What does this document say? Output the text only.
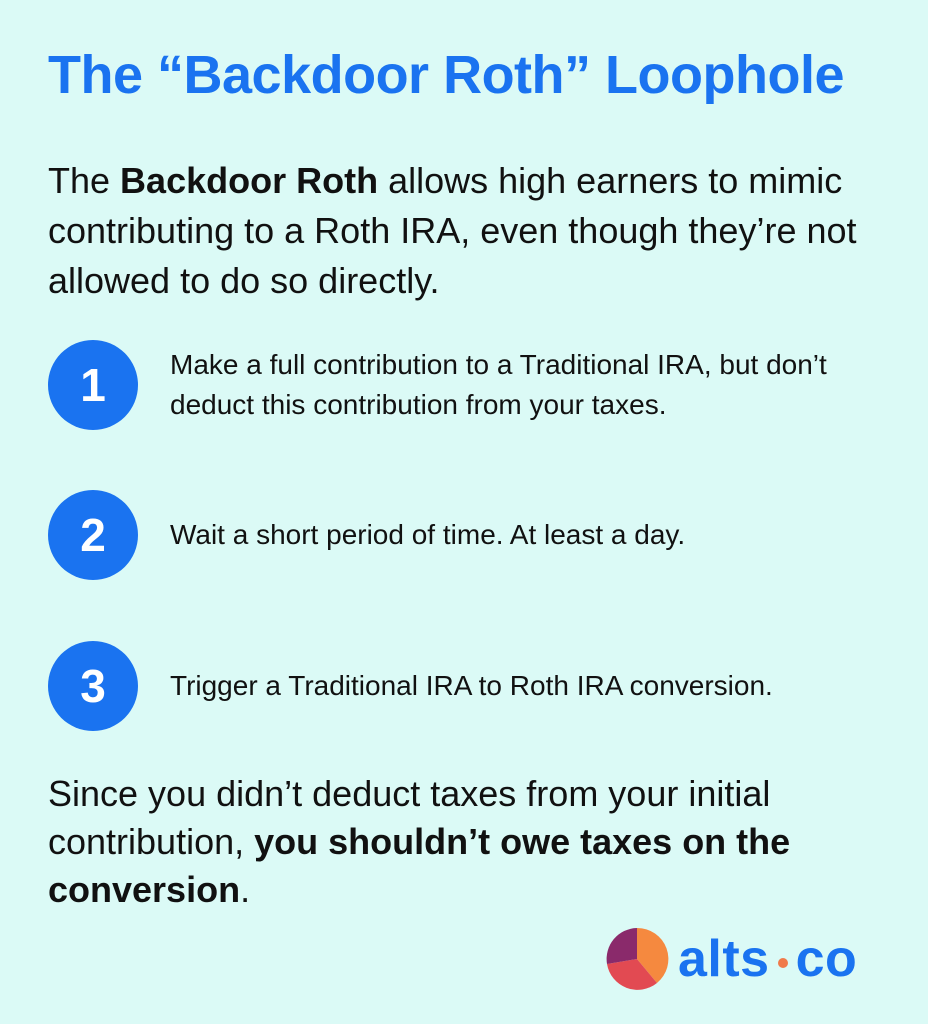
The “Backdoor Roth” Loophole

The Backdoor Roth allows high earners to mimic contributing to a Roth IRA, even though they’re not allowed to do so directly.

1	Make a full contribution to a Traditional IRA, but don’t deduct this contribution from your taxes.
2	Wait a short period of time. At least a day.
3	Trigger a Traditional IRA to Roth IRA conversion.

Since you didn’t deduct taxes from your initial contribution, you shouldn’t owe taxes on the conversion.

alts co
